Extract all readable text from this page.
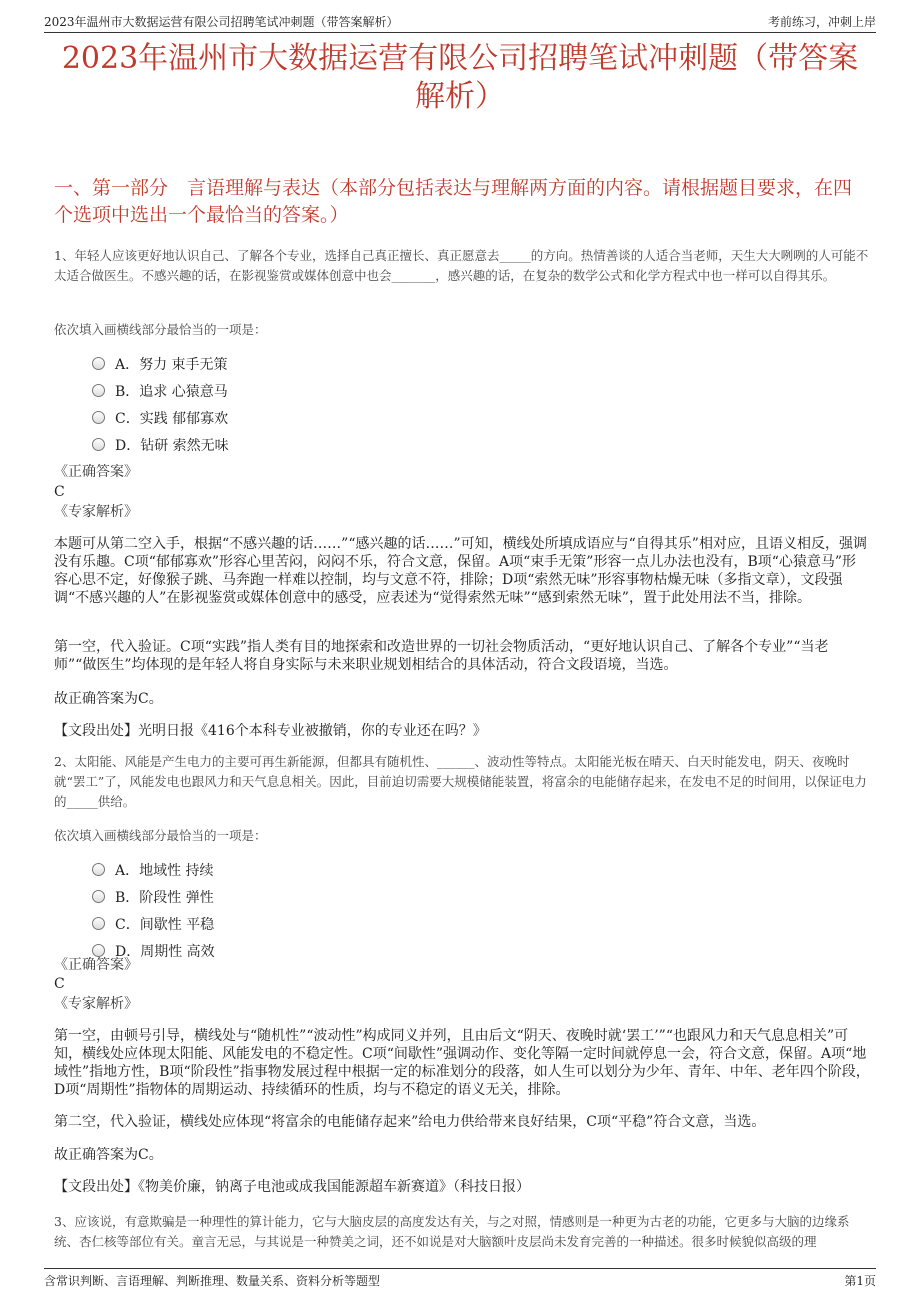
2023年温州市大数据运营有限公司招聘笔试冲刺题（带答案解析）	考前练习，冲刺上岸
2023年温州市大数据运营有限公司招聘笔试冲刺题（带答案解析）
一、第一部分　言语理解与表达（本部分包括表达与理解两方面的内容。请根据题目要求，在四个选项中选出一个最恰当的答案。）
1、年轻人应该更好地认识自己、了解各个专业，选择自己真正擅长、真正愿意去_____的方向。热情善谈的人适合当老师，天生大大咧咧的人可能不太适合做医生。不感兴趣的话，在影视鉴赏或媒体创意中也会_______，感兴趣的话，在复杂的数学公式和化学方程式中也一样可以自得其乐。
依次填入画横线部分最恰当的一项是：
A．努力 束手无策
B．追求 心猿意马
C．实践 郁郁寡欢
D．钻研 索然无味
《正确答案》
C
《专家解析》

本题可从第二空入手，根据“不感兴趣的话……”“感兴趣的话……”可知，横线处所填成语应与“自得其乐”相对应，且语义相反，强调没有乐趣。C项“郁郁寡欢”形容心里苦闷，闷闷不乐，符合文意，保留。A项“束手无策”形容一点儿办法也没有，B项“心猿意马”形容心思不定，好像猴子跳、马奔跑一样难以控制，均与文意不符，排除；D项“索然无味”形容事物枯燥无味（多指文章），文段强调“不感兴趣的人”在影视鉴赏或媒体创意中的感受，应表述为“觉得索然无味”“感到索然无味”，置于此处用法不当，排除。

第一空，代入验证。C项“实践”指人类有目的地探索和改造世界的一切社会物质活动，“更好地认识自己、了解各个专业”“当老师”“做医生”均体现的是年轻人将自身实际与未来职业规划相结合的具体活动，符合文段语境，当选。

故正确答案为C。

【文段出处】光明日报《416个本科专业被撤销，你的专业还在吗？》

2、太阳能、风能是产生电力的主要可再生新能源，但都具有随机性、______、波动性等特点。太阳能光板在晴天、白天时能发电，阴天、夜晚时就“罢工”了，风能发电也跟风力和天气息息相关。因此，目前迫切需要大规模储能装置，将富余的电能储存起来，在发电不足的时间用，以保证电力的_____供给。
依次填入画横线部分最恰当的一项是：
A．地域性 持续
B．阶段性 弹性
C．间歇性 平稳
D．周期性 高效
《正确答案》
C
《专家解析》

第一空，由顿号引导，横线处与“随机性”“波动性”构成同义并列，且由后文“阴天、夜晚时就‘罢工’”“也跟风力和天气息息相关”可知，横线处应体现太阳能、风能发电的不稳定性。C项“间歇性”强调动作、变化等隔一定时间就停息一会，符合文意，保留。A项“地域性”指地方性，B项“阶段性”指事物发展过程中根据一定的标准划分的段落，如人生可以划分为少年、青年、中年、老年四个阶段，D项“周期性”指物体的周期运动、持续循环的性质，均与不稳定的语义无关，排除。

第二空，代入验证，横线处应体现“将富余的电能储存起来”给电力供给带来良好结果，C项“平稳”符合文意，当选。

故正确答案为C。

【文段出处】《物美价廉，钠离子电池或成我国能源超车新赛道》（科技日报）

3、应该说，有意欺骗是一种理性的算计能力，它与大脑皮层的高度发达有关，与之对照，情感则是一种更为古老的功能，它更多与大脑的边缘系统、杏仁核等部位有关。童言无忌，与其说是一种赞美之词，还不如说是对大脑额叶皮层尚未发育完善的一种描述。很多时候貌似高级的理
含常识判断、言语理解、判断推理、数量关系、资料分析等题型	第1页
